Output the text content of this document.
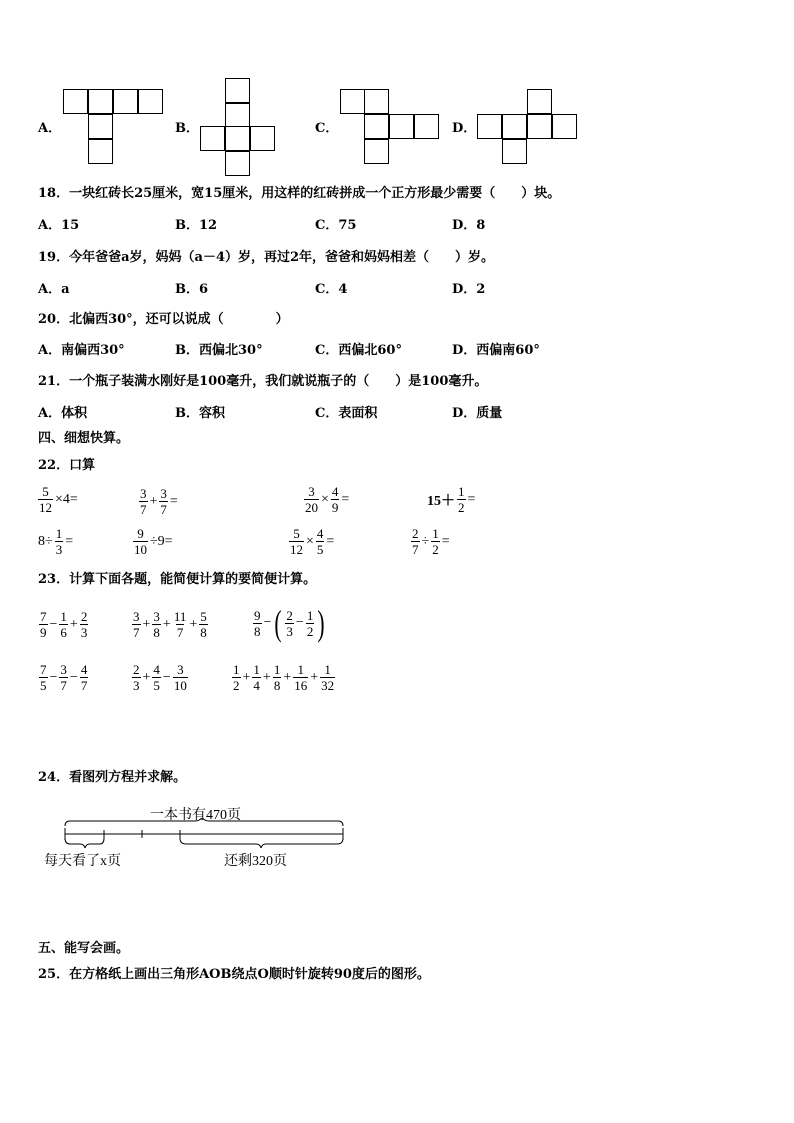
A．	B．	C．	D．
18．一块红砖长25厘米，宽15厘米，用这样的红砖拼成一个正方形最少需要（　　）块。
A．15	B．12	C．75	D．8
19．今年爸爸a岁，妈妈（a－4）岁，再过2年，爸爸和妈妈相差（　　）岁。
A．a	B．6	C．4	D．2
20．北偏西30°，还可以说成（　　　　）
A．南偏西30°	B．西偏北30°	C．西偏北60°	D．西偏南60°
21．一个瓶子装满水刚好是100毫升，我们就说瓶子的（　　）是100毫升。
A．体积	B．容积	C．表面积	D．质量
四、细想快算。
22．口算
$\frac{5}{12} \times 4=$	$\frac{3}{7} + \frac{3}{7}$ =	$\frac{3}{20} \times \frac{4}{9}$ =	$15+ \frac{1}{2}$ =
$8\div \frac{1}{3}$ =	$\frac{9}{10} \div 9=$	$\frac{5}{12} \times \frac{4}{5}$ =	$\frac{2}{7} \div \frac{1}{2}$ =
23．计算下面各题，能简便计算的要简便计算。
$\frac{7}{9} - \frac{1}{6} + \frac{2}{3}$	$\frac{3}{7} + \frac{3}{8} + \frac{11}{7} + \frac{5}{8}$	$\frac{9}{8}$ − ( $\frac{2}{3} - \frac{1}{2}$ )
$\frac{7}{5} - \frac{3}{7} - \frac{4}{7}$	$\frac{2}{3} + \frac{4}{5} - \frac{3}{10}$	$\frac{1}{2} + \frac{1}{4} + \frac{1}{8} + \frac{1}{16} + \frac{1}{32}$
24．看图列方程并求解。
一本书有470页
每天看了x页	还剩320页
五、能写会画。
25．在方格纸上画出三角形AOB绕点O顺时针旋转90度后的图形。
